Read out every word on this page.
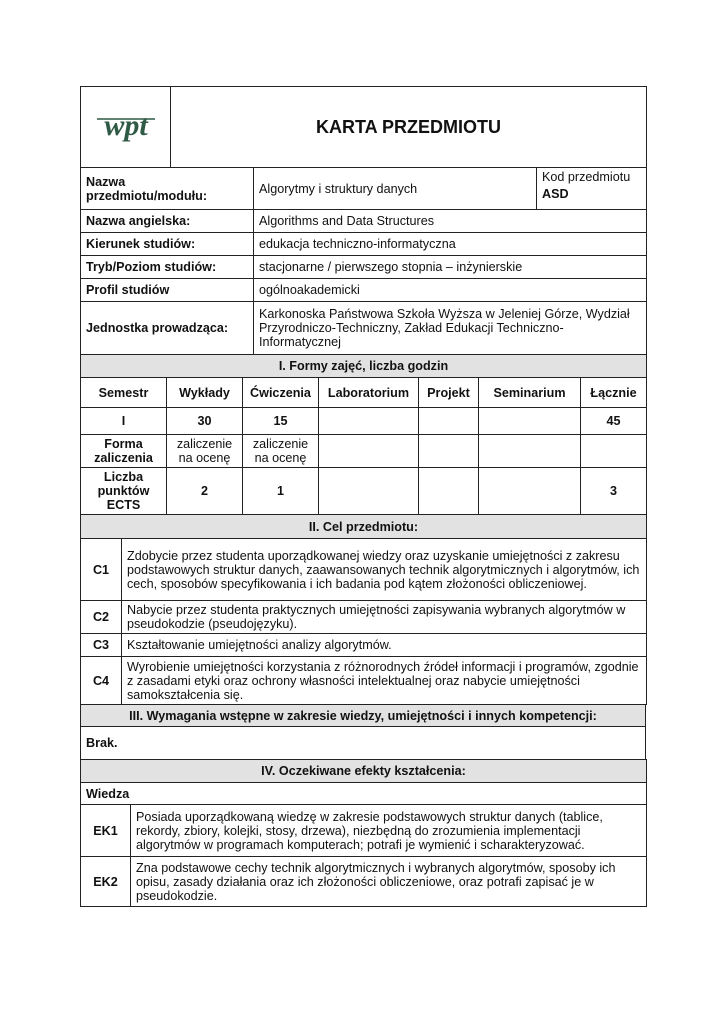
wpt	KARTA PRZEDMIOTU
Nazwa przedmiotu/modułu:	Algorytmy i struktury danych	Kod przedmiotu
ASD

Nazwa angielska:	Algorithms and Data Structures	
Kierunek studiów:	edukacja techniczno-informatyczna	
Tryb/Poziom studiów:	stacjonarne / pierwszego stopnia – inżynierskie	
Profil studiów	ogólnoakademicki	
Jednostka prowadząca:	Karkonoska Państwowa Szkoła Wyższa w Jeleniej Górze, Wydział Przyrodniczo-Techniczny, Zakład Edukacji Techniczno-Informatycznej	
I. Formy zajęć, liczba godzin						
Semestr	Wykłady	Ćwiczenia	Laboratorium	Projekt	Seminarium	Łącznie
I	30	15				45
Forma zaliczenia	zaliczenie na ocenę	zaliczenie na ocenę				
Liczba punktów ECTS	2	1				3
II. Cel przedmiotu:	
C1	Zdobycie przez studenta uporządkowanej wiedzy oraz uzyskanie umiejętności z zakresu podstawowych struktur danych, zaawansowanych technik algorytmicznych i algorytmów, ich cech, sposobów specyfikowania i ich badania pod kątem złożoności obliczeniowej.
C2	Nabycie przez studenta praktycznych umiejętności zapisywania wybranych algorytmów w pseudokodzie (pseudojęzyku).
C3	Kształtowanie umiejętności analizy algorytmów.
C4	Wyrobienie umiejętności korzystania z różnorodnych źródeł informacji i programów, zgodnie z zasadami etyki oraz ochrony własności intelektualnej oraz nabycie umiejętności samokształcenia się.
III. Wymagania wstępne w zakresie wiedzy, umiejętności i innych kompetencji:
Brak.
IV. Oczekiwane efekty kształcenia:	
Wiedza	
EK1	Posiada uporządkowaną wiedzę w zakresie podstawowych struktur danych (tablice, rekordy, zbiory, kolejki, stosy, drzewa), niezbędną do zrozumienia implementacji algorytmów w programach komputerach; potrafi je wymienić i scharakteryzować.
EK2	Zna podstawowe cechy technik algorytmicznych i wybranych algorytmów, sposoby ich opisu, zasady działania oraz ich złożoności obliczeniowe, oraz potrafi zapisać je w pseudokodzie.
